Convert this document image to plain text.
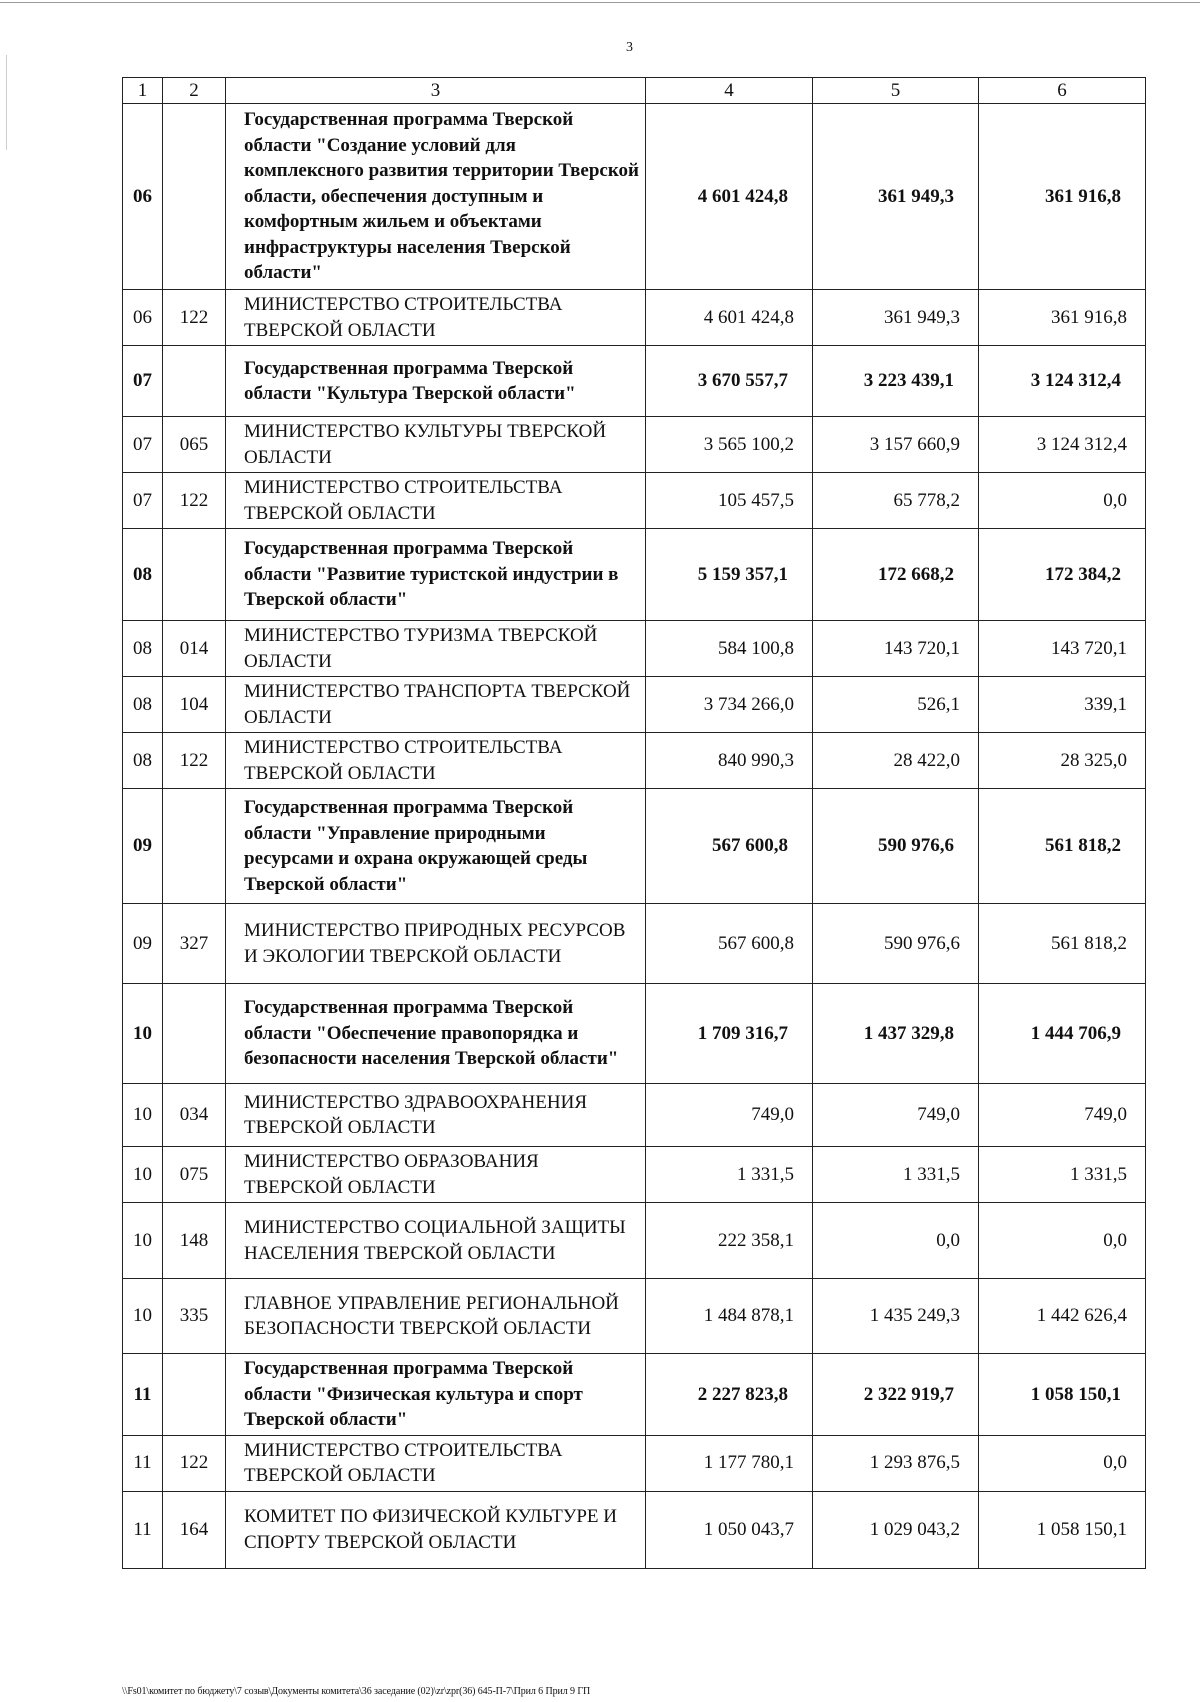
3
1	2	3	4	5	6
06		Государственная программа Тверской области "Создание условий для комплексного развития территории Тверской области, обеспечения доступным и комфортным жильем и объектами инфраструктуры населения Тверской области"	4 601 424,8	361 949,3	361 916,8
06	122	МИНИСТЕРСТВО СТРОИТЕЛЬСТВА ТВЕРСКОЙ ОБЛАСТИ	4 601 424,8	361 949,3	361 916,8
07		Государственная программа Тверской области "Культура Тверской области"	3 670 557,7	3 223 439,1	3 124 312,4
07	065	МИНИСТЕРСТВО КУЛЬТУРЫ ТВЕРСКОЙ ОБЛАСТИ	3 565 100,2	3 157 660,9	3 124 312,4
07	122	МИНИСТЕРСТВО СТРОИТЕЛЬСТВА ТВЕРСКОЙ ОБЛАСТИ	105 457,5	65 778,2	0,0
08		Государственная программа Тверской области "Развитие туристской индустрии в Тверской области"	5 159 357,1	172 668,2	172 384,2
08	014	МИНИСТЕРСТВО ТУРИЗМА ТВЕРСКОЙ ОБЛАСТИ	584 100,8	143 720,1	143 720,1
08	104	МИНИСТЕРСТВО ТРАНСПОРТА ТВЕРСКОЙ ОБЛАСТИ	3 734 266,0	526,1	339,1
08	122	МИНИСТЕРСТВО СТРОИТЕЛЬСТВА ТВЕРСКОЙ ОБЛАСТИ	840 990,3	28 422,0	28 325,0
09		Государственная программа Тверской области "Управление природными ресурсами и охрана окружающей среды Тверской области"	567 600,8	590 976,6	561 818,2
09	327	МИНИСТЕРСТВО ПРИРОДНЫХ РЕСУРСОВ И ЭКОЛОГИИ ТВЕРСКОЙ ОБЛАСТИ	567 600,8	590 976,6	561 818,2
10		Государственная программа Тверской области "Обеспечение правопорядка и безопасности населения Тверской области"	1 709 316,7	1 437 329,8	1 444 706,9
10	034	МИНИСТЕРСТВО ЗДРАВООХРАНЕНИЯ ТВЕРСКОЙ ОБЛАСТИ	749,0	749,0	749,0
10	075	МИНИСТЕРСТВО ОБРАЗОВАНИЯ ТВЕРСКОЙ ОБЛАСТИ	1 331,5	1 331,5	1 331,5
10	148	МИНИСТЕРСТВО СОЦИАЛЬНОЙ ЗАЩИТЫ НАСЕЛЕНИЯ ТВЕРСКОЙ ОБЛАСТИ	222 358,1	0,0	0,0
10	335	ГЛАВНОЕ УПРАВЛЕНИЕ РЕГИОНАЛЬНОЙ БЕЗОПАСНОСТИ ТВЕРСКОЙ ОБЛАСТИ	1 484 878,1	1 435 249,3	1 442 626,4
11		Государственная программа Тверской области "Физическая культура и спорт Тверской области"	2 227 823,8	2 322 919,7	1 058 150,1
11	122	МИНИСТЕРСТВО СТРОИТЕЛЬСТВА ТВЕРСКОЙ ОБЛАСТИ	1 177 780,1	1 293 876,5	0,0
11	164	КОМИТЕТ ПО ФИЗИЧЕСКОЙ КУЛЬТУРЕ И СПОРТУ ТВЕРСКОЙ ОБЛАСТИ	1 050 043,7	1 029 043,2	1 058 150,1
\\Fs01\комитет по бюджету\7 созыв\Документы комитета\36 заседание (02)\zr\zpr(36) 645-П-7\Прил 6 Прил 9 ГП
